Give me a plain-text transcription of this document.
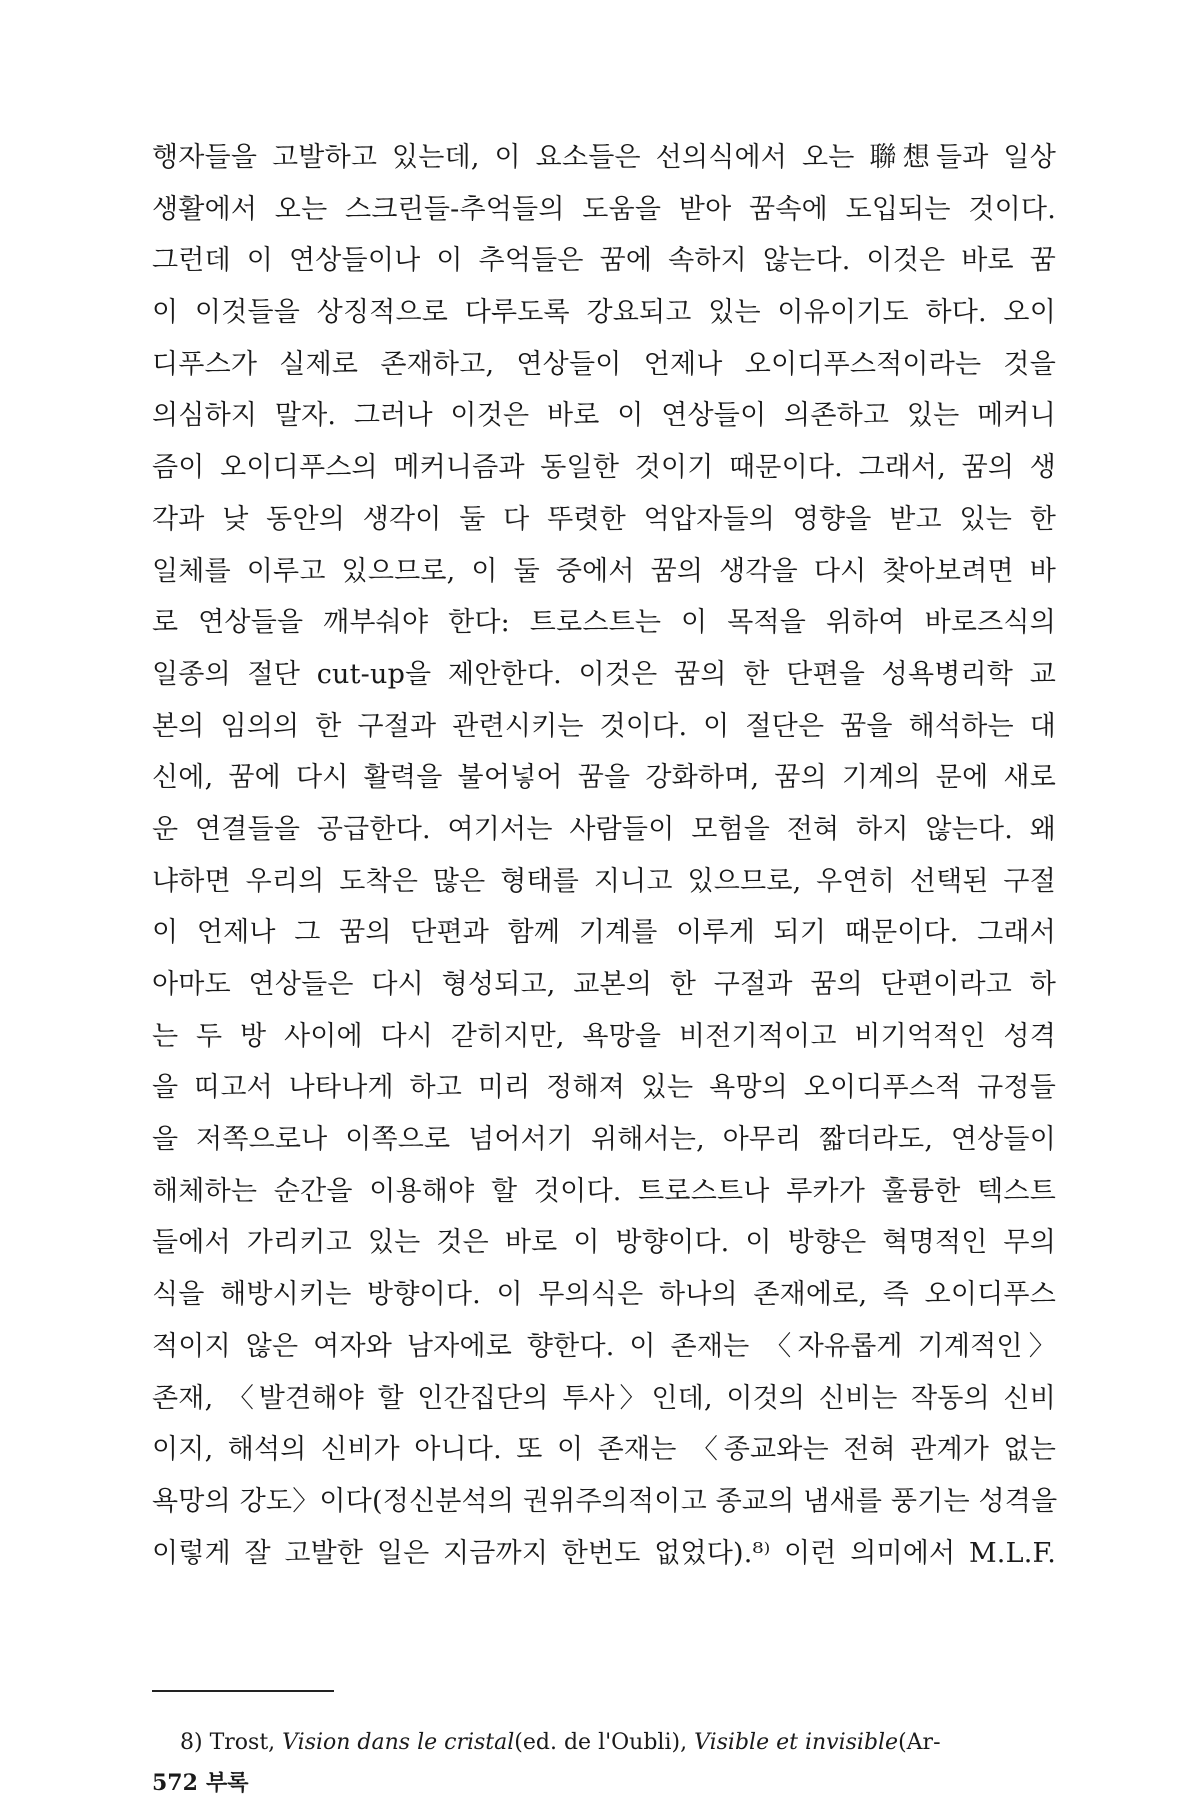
행자들을 고발하고 있는데, 이 요소들은 선의식에서 오는 聯想들과 일상
생활에서 오는 스크린들-추억들의 도움을 받아 꿈속에 도입되는 것이다.
그런데 이 연상들이나 이 추억들은 꿈에 속하지 않는다. 이것은 바로 꿈
이 이것들을 상징적으로 다루도록 강요되고 있는 이유이기도 하다. 오이
디푸스가 실제로 존재하고, 연상들이 언제나 오이디푸스적이라는 것을
의심하지 말자. 그러나 이것은 바로 이 연상들이 의존하고 있는 메커니
즘이 오이디푸스의 메커니즘과 동일한 것이기 때문이다. 그래서, 꿈의 생
각과 낮 동안의 생각이 둘 다 뚜렷한 억압자들의 영향을 받고 있는 한
일체를 이루고 있으므로, 이 둘 중에서 꿈의 생각을 다시 찾아보려면 바
로 연상들을 깨부숴야 한다: 트로스트는 이 목적을 위하여 바로즈식의
일종의 절단 cut-up을 제안한다. 이것은 꿈의 한 단편을 성욕병리학 교
본의 임의의 한 구절과 관련시키는 것이다. 이 절단은 꿈을 해석하는 대
신에, 꿈에 다시 활력을 불어넣어 꿈을 강화하며, 꿈의 기계의 문에 새로
운 연결들을 공급한다. 여기서는 사람들이 모험을 전혀 하지 않는다. 왜
냐하면 우리의 도착은 많은 형태를 지니고 있으므로, 우연히 선택된 구절
이 언제나 그 꿈의 단편과 함께 기계를 이루게 되기 때문이다. 그래서
아마도 연상들은 다시 형성되고, 교본의 한 구절과 꿈의 단편이라고 하
는 두 방 사이에 다시 갇히지만, 욕망을 비전기적이고 비기억적인 성격
을 띠고서 나타나게 하고 미리 정해져 있는 욕망의 오이디푸스적 규정들
을 저쪽으로나 이쪽으로 넘어서기 위해서는, 아무리 짧더라도, 연상들이
해체하는 순간을 이용해야 할 것이다. 트로스트나 루카가 훌륭한 텍스트
들에서 가리키고 있는 것은 바로 이 방향이다. 이 방향은 혁명적인 무의
식을 해방시키는 방향이다. 이 무의식은 하나의 존재에로, 즉 오이디푸스
적이지 않은 여자와 남자에로 향한다. 이 존재는 〈자유롭게 기계적인〉
존재, 〈발견해야 할 인간집단의 투사〉인데, 이것의 신비는 작동의 신비
이지, 해석의 신비가 아니다. 또 이 존재는 〈종교와는 전혀 관계가 없는
욕망의 강도〉이다(정신분석의 권위주의적이고 종교의 냄새를 풍기는 성격을
이렇게 잘 고발한 일은 지금까지 한번도 없었다).⁸⁾ 이런 의미에서 M.L.F.
8) Trost, Vision dans le cristal(ed. de l'Oubli), Visible et invisible(Ar-
572 부록
